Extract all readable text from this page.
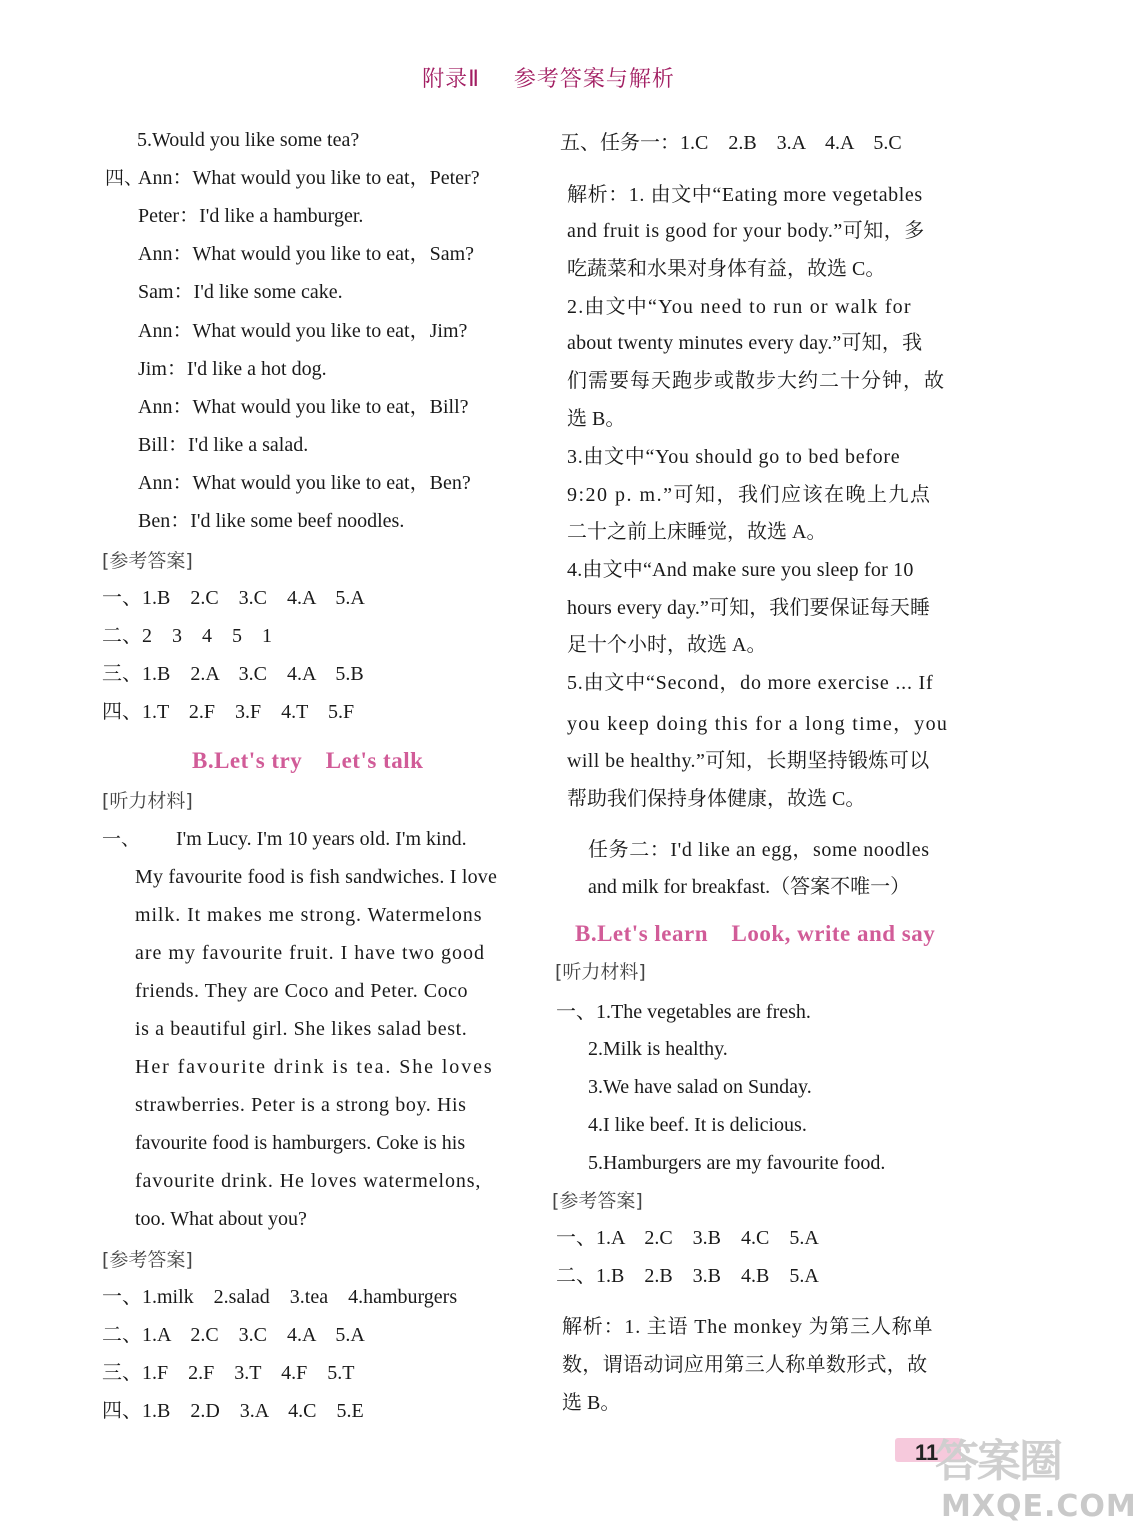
附录Ⅱ 参考答案与解析
5.Would you like some tea?
四、
Ann：What would you like to eat，Peter?
Peter：I'd like a hamburger.
Ann：What would you like to eat，Sam?
Sam：I'd like some cake.
Ann：What would you like to eat，Jim?
Jim：I'd like a hot dog.
Ann：What would you like to eat，Bill?
Bill：I'd like a salad.
Ann：What would you like to eat，Ben?
Ben：I'd like some beef noodles.
[参考答案]
一、1.B　2.C　3.C　4.A　5.A
二、2　3　4　5　1
三、1.B　2.A　3.C　4.A　5.B
四、1.T　2.F　3.F　4.T　5.F
B.Let's try　Let's talk
[听力材料]
一、 I'm Lucy. I'm 10 years old. I'm kind.
My favourite food is fish sandwiches. I love
milk. It makes me strong. Watermelons
are my favourite fruit. I have two good
friends. They are Coco and Peter. Coco
is a beautiful girl. She likes salad best.
Her favourite drink is tea. She loves
strawberries. Peter is a strong boy. His
favourite food is hamburgers. Coke is his
favourite drink. He loves watermelons,
too. What about you?
[参考答案]
一、1.milk　2.salad　3.tea　4.hamburgers
二、1.A　2.C　3.C　4.A　5.A
三、1.F　2.F　3.T　4.F　5.T
四、1.B　2.D　3.A　4.C　5.E
五、任务一：1.C　2.B　3.A　4.A　5.C
解析：1. 由文中“Eating more vegetables
and fruit is good for your body.”可知，多
吃蔬菜和水果对身体有益，故选 C。
2.由文中“You need to run or walk for
about twenty minutes every day.”可知，我
们需要每天跑步或散步大约二十分钟，故
选 B。
3.由文中“You should go to bed before
9:20 p. m.”可知，我们应该在晚上九点
二十之前上床睡觉，故选 A。
4.由文中“And make sure you sleep for 10
hours every day.”可知，我们要保证每天睡
足十个小时，故选 A。
5.由文中“Second，do more exercise ... If
you keep doing this for a long time，you
will be healthy.”可知，长期坚持锻炼可以
帮助我们保持身体健康，故选 C。
任务二：I'd like an egg，some noodles
and milk for breakfast.（答案不唯一）
B.Let's learn　Look, write and say
[听力材料]
一、1.The vegetables are fresh.
2.Milk is healthy.
3.We have salad on Sunday.
4.I like beef. It is delicious.
5.Hamburgers are my favourite food.
[参考答案]
一、1.A　2.C　3.B　4.C　5.A
二、1.B　2.B　3.B　4.B　5.A
解析：1. 主语 The monkey 为第三人称单
数，谓语动词应用第三人称单数形式，故
选 B。
11
答案圈
MXQE.COM
